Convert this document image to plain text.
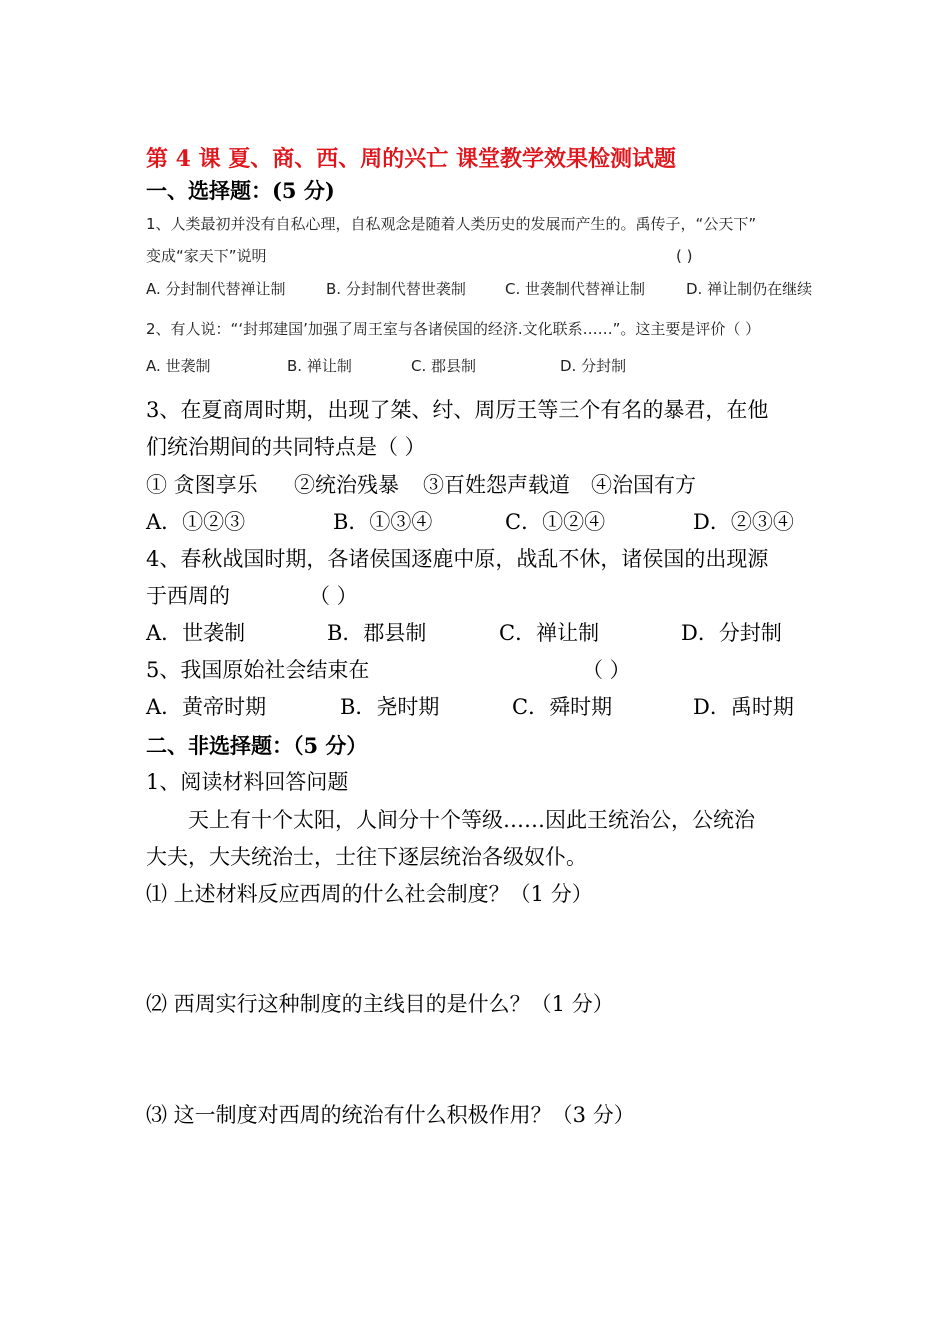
第 4 课 夏、商、西、周的兴亡 课堂教学效果检测试题
一、选择题：(5 分)
1、人类最初并没有自私心理，自私观念是随着人类历史的发展而产生的。禹传子，“公天下”
变成“家天下”说明	( )
A. 分封制代替禅让制	B. 分封制代替世袭制	C. 世袭制代替禅让制	D. 禅让制仍在继续
2、有人说：“‘封邦建国’加强了周王室与各诸侯国的经济.文化联系……”。这主要是评价（ ）
A. 世袭制	B. 禅让制	C. 郡县制	D. 分封制
3、在夏商周时期，出现了桀、纣、周厉王等三个有名的暴君，在他
们统治期间的共同特点是（ ）
① 贪图享乐 ②统治残暴 ③百姓怨声载道 ④治国有方
A．①②③	B．①③④	C．①②④	D．②③④
4、春秋战国时期，各诸侯国逐鹿中原，战乱不休，诸侯国的出现源
于西周的	（ ）
A．世袭制	B．郡县制	C．禅让制	D．分封制
5、我国原始社会结束在	（ ）
A．黄帝时期	B．尧时期	C．舜时期	D．禹时期
二、非选择题：（5 分）
1、阅读材料回答问题
天上有十个太阳，人间分十个等级……因此王统治公，公统治
大夫，大夫统治士，士往下逐层统治各级奴仆。
⑴ 上述材料反应西周的什么社会制度？（1 分）
⑵ 西周实行这种制度的主线目的是什么？（1 分）
⑶ 这一制度对西周的统治有什么积极作用？（3 分）
